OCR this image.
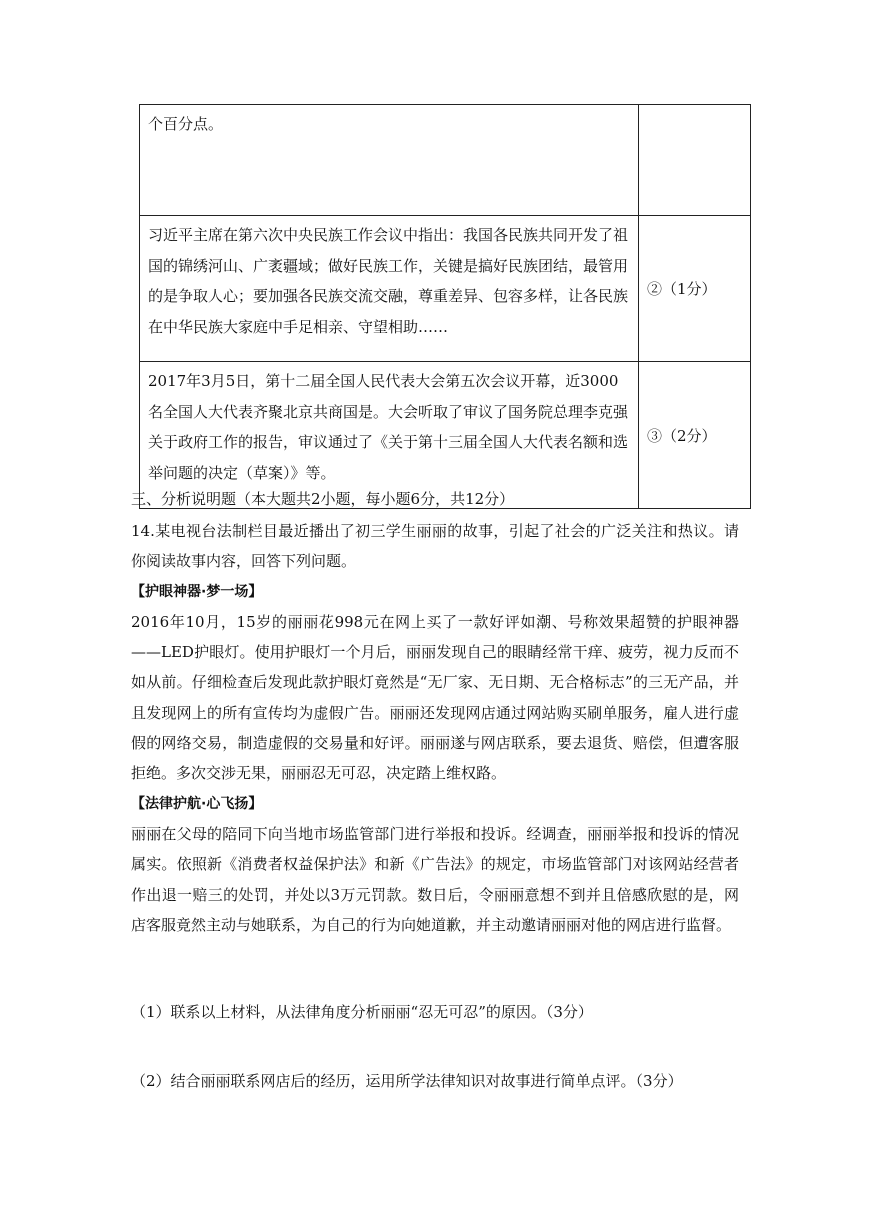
个百分点。	
习近平主席在第六次中央民族工作会议中指出：我国各民族共同开发了祖国的锦绣河山、广袤疆域；做好民族工作，关键是搞好民族团结，最管用的是争取人心；要加强各民族交流交融，尊重差异、包容多样，让各民族在中华民族大家庭中手足相亲、守望相助……	②（1分）
2017年3月5日，第十二届全国人民代表大会第五次会议开幕，近3000名全国人大代表齐聚北京共商国是。大会听取了审议了国务院总理李克强关于政府工作的报告，审议通过了《关于第十三届全国人大代表名额和选举问题的决定（草案）》等。	③（2分）
三、分析说明题（本大题共2小题，每小题6分，共12分）

14.某电视台法制栏目最近播出了初三学生丽丽的故事，引起了社会的广泛关注和热议。请你阅读故事内容，回答下列问题。

【护眼神器·梦一场】

2016年10月，15岁的丽丽花998元在网上买了一款好评如潮、号称效果超赞的护眼神器——LED护眼灯。使用护眼灯一个月后，丽丽发现自己的眼睛经常干痒、疲劳，视力反而不如从前。仔细检查后发现此款护眼灯竟然是“无厂家、无日期、无合格标志”的三无产品，并且发现网上的所有宣传均为虚假广告。丽丽还发现网店通过网站购买刷单服务，雇人进行虚假的网络交易，制造虚假的交易量和好评。丽丽遂与网店联系，要去退货、赔偿，但遭客服拒绝。多次交涉无果，丽丽忍无可忍，决定踏上维权路。

【法律护航·心飞扬】

丽丽在父母的陪同下向当地市场监管部门进行举报和投诉。经调查，丽丽举报和投诉的情况属实。依照新《消费者权益保护法》和新《广告法》的规定，市场监管部门对该网站经营者作出退一赔三的处罚，并处以3万元罚款。数日后，令丽丽意想不到并且倍感欣慰的是，网店客服竟然主动与她联系，为自己的行为向她道歉，并主动邀请丽丽对他的网店进行监督。

（1）联系以上材料，从法律角度分析丽丽“忍无可忍”的原因。（3分）

（2）结合丽丽联系网店后的经历，运用所学法律知识对故事进行简单点评。（3分）
